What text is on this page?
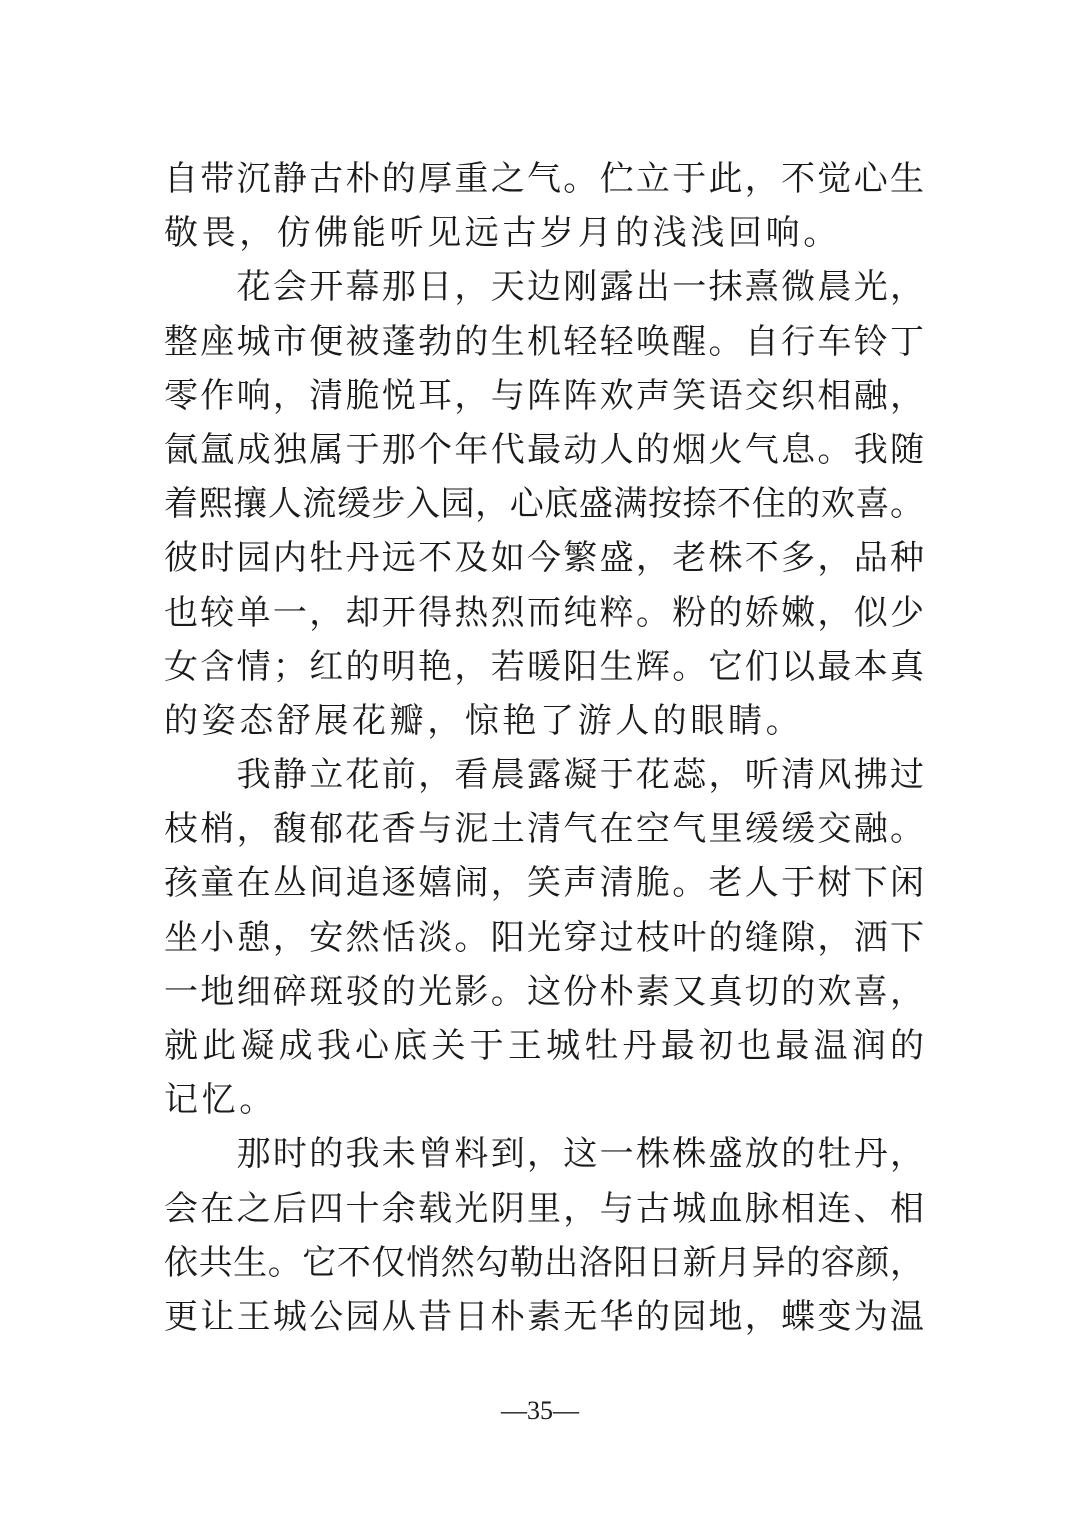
自带沉静古朴的厚重之气。伫立于此，不觉心生
敬畏，仿佛能听见远古岁月的浅浅回响。
　　花会开幕那日，天边刚露出一抹熹微晨光，
整座城市便被蓬勃的生机轻轻唤醒。自行车铃丁
零作响，清脆悦耳，与阵阵欢声笑语交织相融，
氤氲成独属于那个年代最动人的烟火气息。我随
着熙攘人流缓步入园，心底盛满按捺不住的欢喜。
彼时园内牡丹远不及如今繁盛，老株不多，品种
也较单一，却开得热烈而纯粹。粉的娇嫩，似少
女含情；红的明艳，若暖阳生辉。它们以最本真
的姿态舒展花瓣，惊艳了游人的眼睛。
　　我静立花前，看晨露凝于花蕊，听清风拂过
枝梢，馥郁花香与泥土清气在空气里缓缓交融。
孩童在丛间追逐嬉闹，笑声清脆。老人于树下闲
坐小憩，安然恬淡。阳光穿过枝叶的缝隙，洒下
一地细碎斑驳的光影。这份朴素又真切的欢喜，
就此凝成我心底关于王城牡丹最初也最温润的
记忆。
　　那时的我未曾料到，这一株株盛放的牡丹，
会在之后四十余载光阴里，与古城血脉相连、相
依共生。它不仅悄然勾勒出洛阳日新月异的容颜，
更让王城公园从昔日朴素无华的园地，蝶变为温
—35—
